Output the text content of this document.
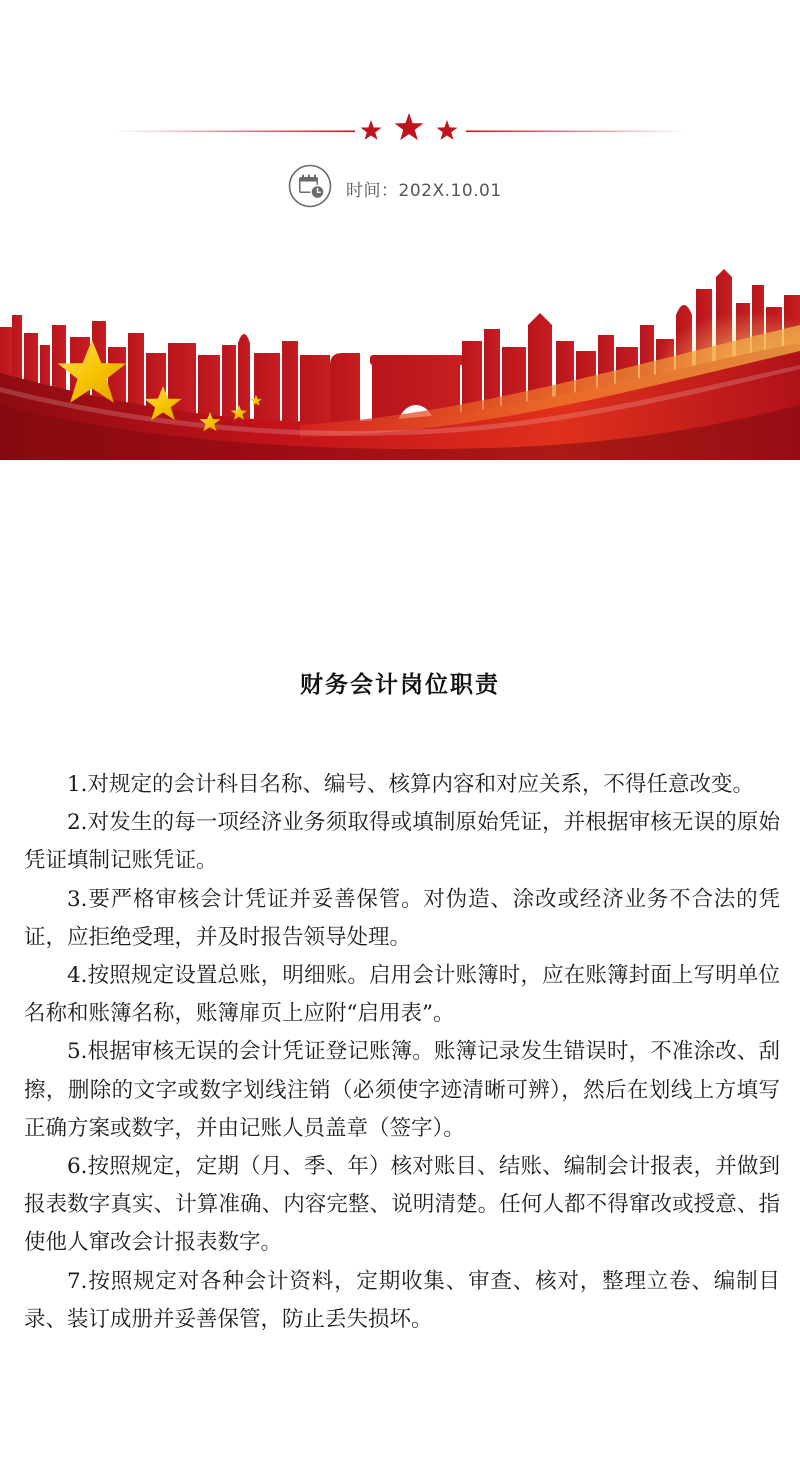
时间：202X.10.01
财务会计岗位职责
1.对规定的会计科目名称、编号、核算内容和对应关系，不得任意改变。
2.对发生的每一项经济业务须取得或填制原始凭证，并根据审核无误的原始凭证填制记账凭证。
3.要严格审核会计凭证并妥善保管。对伪造、涂改或经济业务不合法的凭证，应拒绝受理，并及时报告领导处理。
4.按照规定设置总账，明细账。启用会计账簿时，应在账簿封面上写明单位名称和账簿名称，账簿扉页上应附“启用表”。
5.根据审核无误的会计凭证登记账簿。账簿记录发生错误时，不准涂改、刮擦，删除的文字或数字划线注销（必须使字迹清晰可辨），然后在划线上方填写正确方案或数字，并由记账人员盖章（签字）。
6.按照规定，定期（月、季、年）核对账目、结账、编制会计报表，并做到报表数字真实、计算准确、内容完整、说明清楚。任何人都不得窜改或授意、指使他人窜改会计报表数字。
7.按照规定对各种会计资料，定期收集、审查、核对，整理立卷、编制目录、装订成册并妥善保管，防止丢失损坏。
